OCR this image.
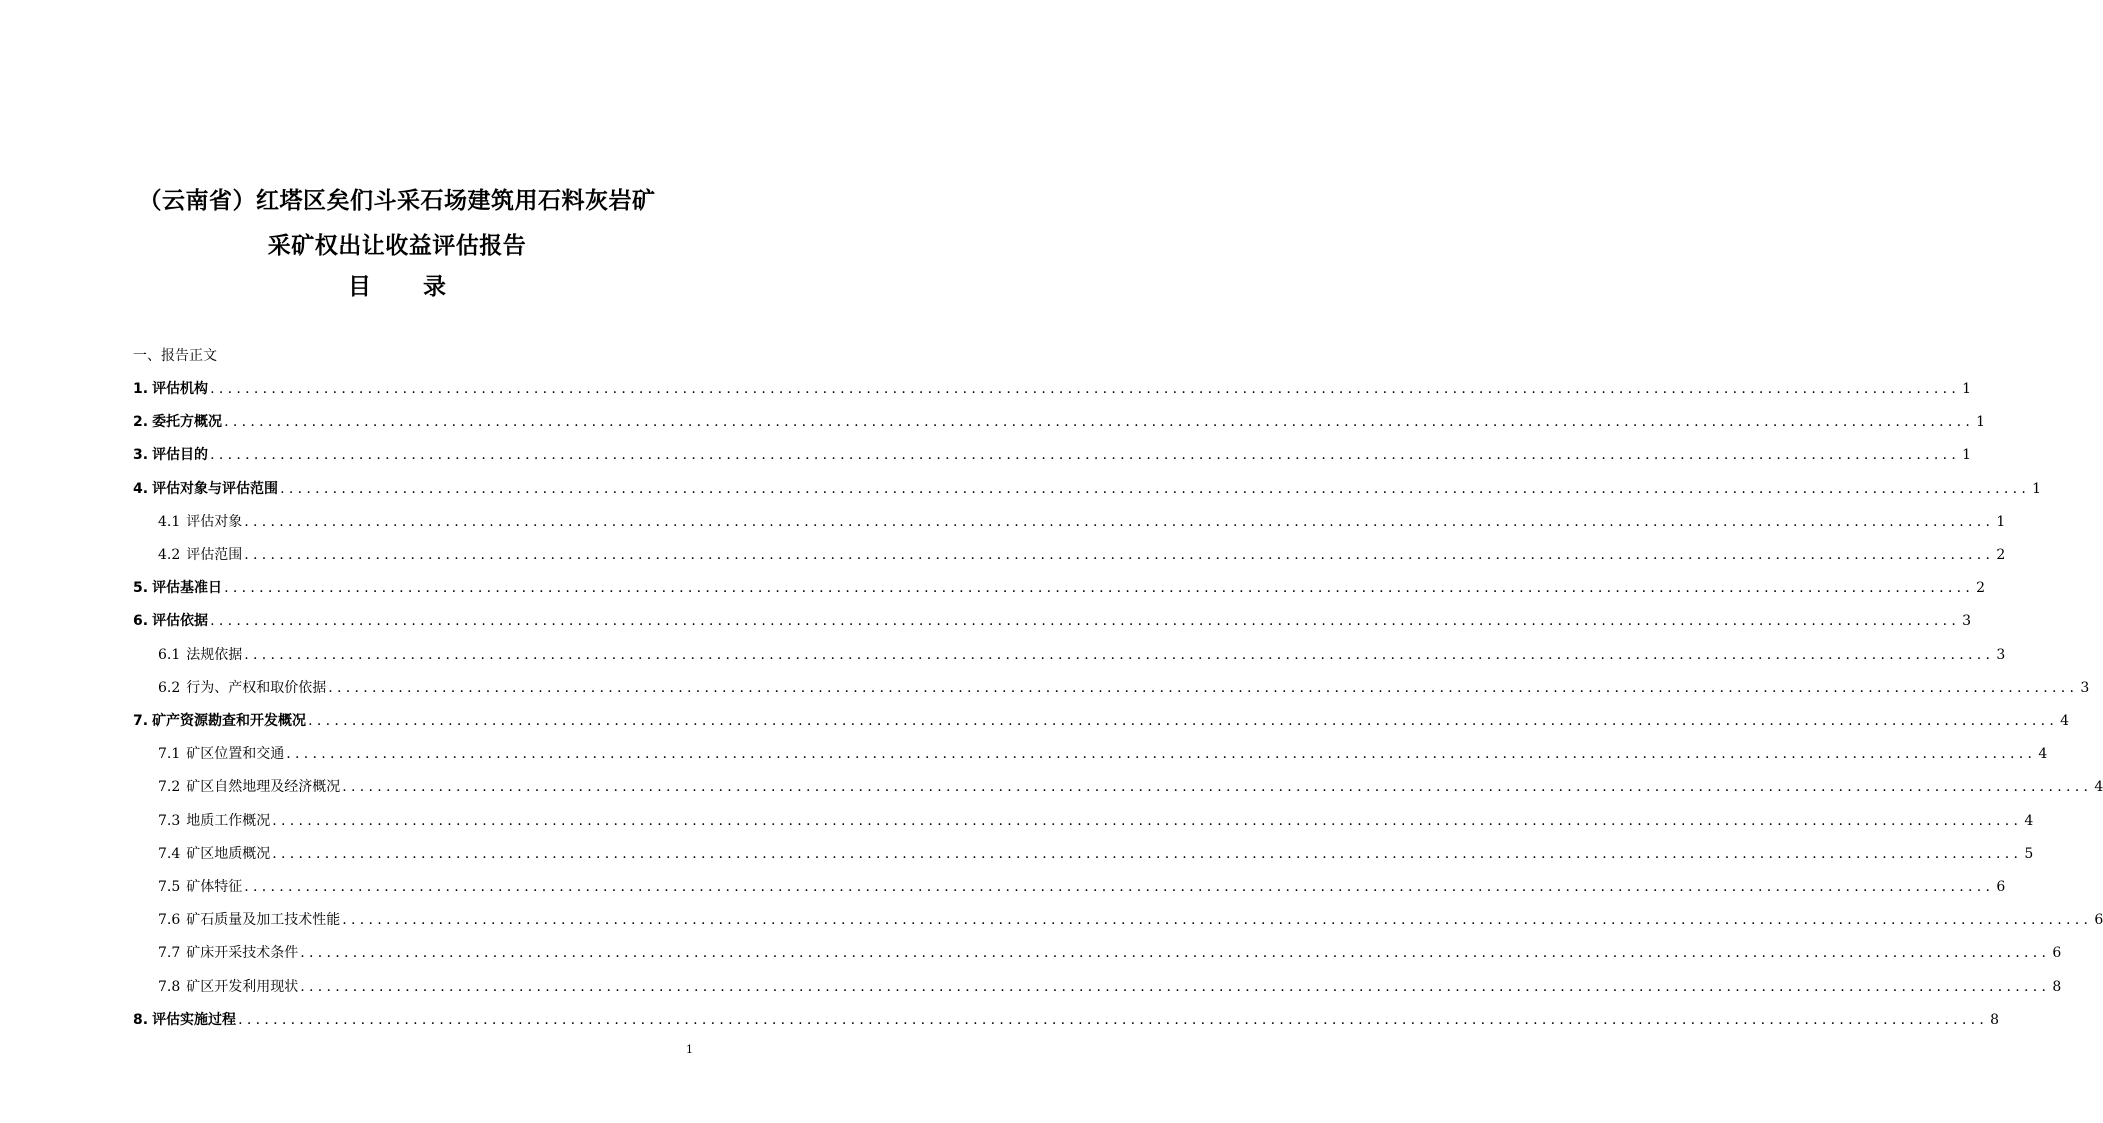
（云南省）红塔区矣们斗采石场建筑用石料灰岩矿
采矿权出让收益评估报告
目 录
一、报告正文
1. 评估机构 ........................................................................................................................................................................................................ 1
2. 委托方概况 ........................................................................................................................................................................................................ 1
3. 评估目的 ........................................................................................................................................................................................................ 1
4. 评估对象与评估范围 ........................................................................................................................................................................................................ 1
4.1 评估对象 ........................................................................................................................................................................................................ 1
4.2 评估范围 ........................................................................................................................................................................................................ 2
5. 评估基准日 ........................................................................................................................................................................................................ 2
6. 评估依据 ........................................................................................................................................................................................................ 3
6.1 法规依据 ........................................................................................................................................................................................................ 3
6.2 行为、产权和取价依据 ........................................................................................................................................................................................................ 3
7. 矿产资源勘查和开发概况 ........................................................................................................................................................................................................ 4
7.1 矿区位置和交通 ........................................................................................................................................................................................................ 4
7.2 矿区自然地理及经济概况 ........................................................................................................................................................................................................ 4
7.3 地质工作概况 ........................................................................................................................................................................................................ 4
7.4 矿区地质概况 ........................................................................................................................................................................................................ 5
7.5 矿体特征 ........................................................................................................................................................................................................ 6
7.6 矿石质量及加工技术性能 ........................................................................................................................................................................................................ 6
7.7 矿床开采技术条件 ........................................................................................................................................................................................................ 6
7.8 矿区开发利用现状 ........................................................................................................................................................................................................ 8
8. 评估实施过程 ........................................................................................................................................................................................................ 8
1
